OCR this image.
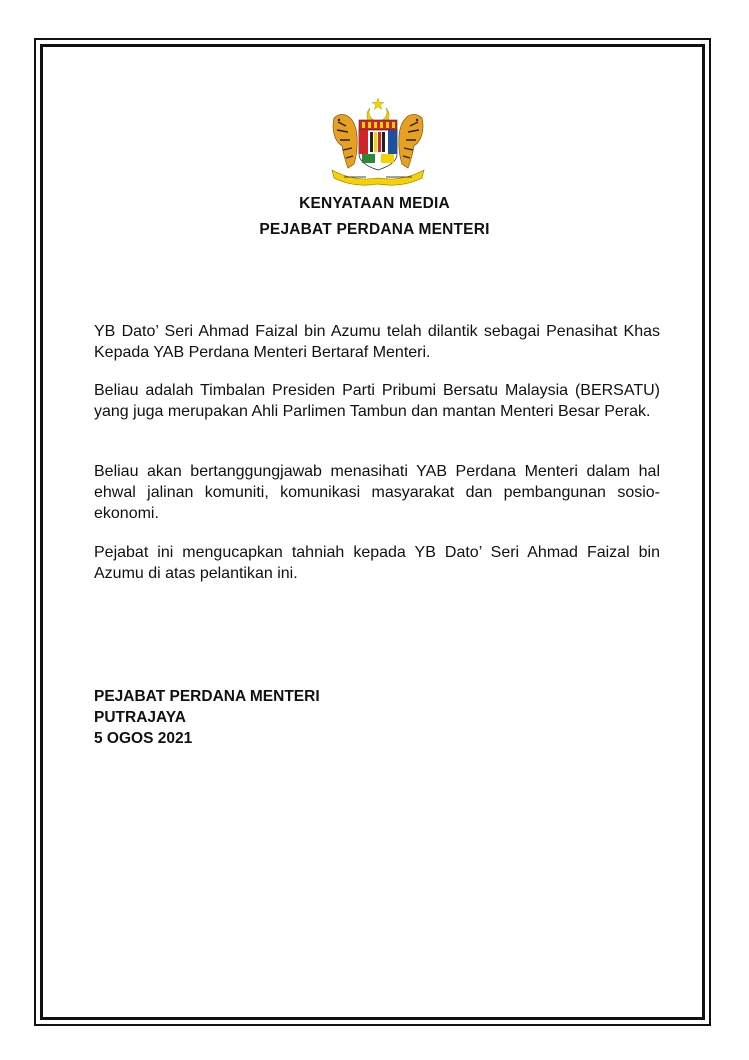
KENYATAAN MEDIA
PEJABAT PERDANA MENTERI

YB Dato’ Seri Ahmad Faizal bin Azumu telah dilantik sebagai Penasihat Khas Kepada YAB Perdana Menteri Bertaraf Menteri.

Beliau adalah Timbalan Presiden Parti Pribumi Bersatu Malaysia (BERSATU) yang juga merupakan Ahli Parlimen Tambun dan mantan Menteri Besar Perak.

Beliau akan bertanggungjawab menasihati YAB Perdana Menteri dalam hal ehwal jalinan komuniti, komunikasi masyarakat dan pembangunan sosio-ekonomi.

Pejabat ini mengucapkan tahniah kepada YB Dato’ Seri Ahmad Faizal bin Azumu di atas pelantikan ini.

PEJABAT PERDANA MENTERI
PUTRAJAYA
5 OGOS 2021
